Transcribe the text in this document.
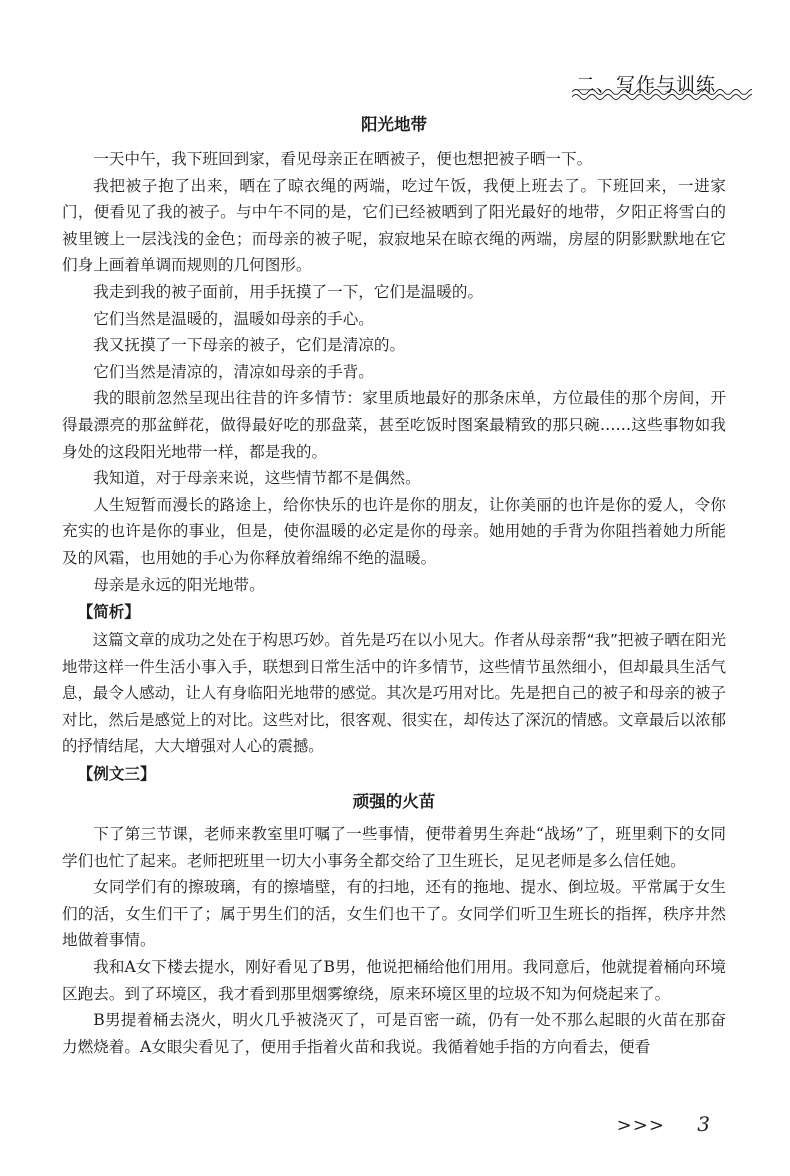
二、写作与训练
阳光地带

一天中午，我下班回到家，看见母亲正在晒被子，便也想把被子晒一下。

我把被子抱了出来，晒在了晾衣绳的两端，吃过午饭，我便上班去了。下班回来，一进家门，便看见了我的被子。与中午不同的是，它们已经被晒到了阳光最好的地带，夕阳正将雪白的被里镀上一层浅浅的金色；而母亲的被子呢，寂寂地呆在晾衣绳的两端，房屋的阴影默默地在它们身上画着单调而规则的几何图形。

我走到我的被子面前，用手抚摸了一下，它们是温暖的。

它们当然是温暖的，温暖如母亲的手心。

我又抚摸了一下母亲的被子，它们是清凉的。

它们当然是清凉的，清凉如母亲的手背。

我的眼前忽然呈现出往昔的许多情节：家里质地最好的那条床单，方位最佳的那个房间，开得最漂亮的那盆鲜花，做得最好吃的那盘菜，甚至吃饭时图案最精致的那只碗……这些事物如我身处的这段阳光地带一样，都是我的。

我知道，对于母亲来说，这些情节都不是偶然。

人生短暂而漫长的路途上，给你快乐的也许是你的朋友，让你美丽的也许是你的爱人，令你充实的也许是你的事业，但是，使你温暖的必定是你的母亲。她用她的手背为你阻挡着她力所能及的风霜，也用她的手心为你释放着绵绵不绝的温暖。

母亲是永远的阳光地带。

【简析】

这篇文章的成功之处在于构思巧妙。首先是巧在以小见大。作者从母亲帮“我”把被子晒在阳光地带这样一件生活小事入手，联想到日常生活中的许多情节，这些情节虽然细小，但却最具生活气息，最令人感动，让人有身临阳光地带的感觉。其次是巧用对比。先是把自己的被子和母亲的被子对比，然后是感觉上的对比。这些对比，很客观、很实在，却传达了深沉的情感。文章最后以浓郁的抒情结尾，大大增强对人心的震撼。

【例文三】
顽强的火苗

下了第三节课，老师来教室里叮嘱了一些事情，便带着男生奔赴“战场”了，班里剩下的女同学们也忙了起来。老师把班里一切大小事务全都交给了卫生班长，足见老师是多么信任她。

女同学们有的擦玻璃，有的擦墙壁，有的扫地，还有的拖地、提水、倒垃圾。平常属于女生们的活，女生们干了；属于男生们的活，女生们也干了。女同学们听卫生班长的指挥，秩序井然地做着事情。

我和A女下楼去提水，刚好看见了B男，他说把桶给他们用用。我同意后，他就提着桶向环境区跑去。到了环境区，我才看到那里烟雾缭绕，原来环境区里的垃圾不知为何烧起来了。

B男提着桶去浇火，明火几乎被浇灭了，可是百密一疏，仍有一处不那么起眼的火苗在那奋力燃烧着。A女眼尖看见了，便用手指着火苗和我说。我循着她手指的方向看去，便看

>>> 3
